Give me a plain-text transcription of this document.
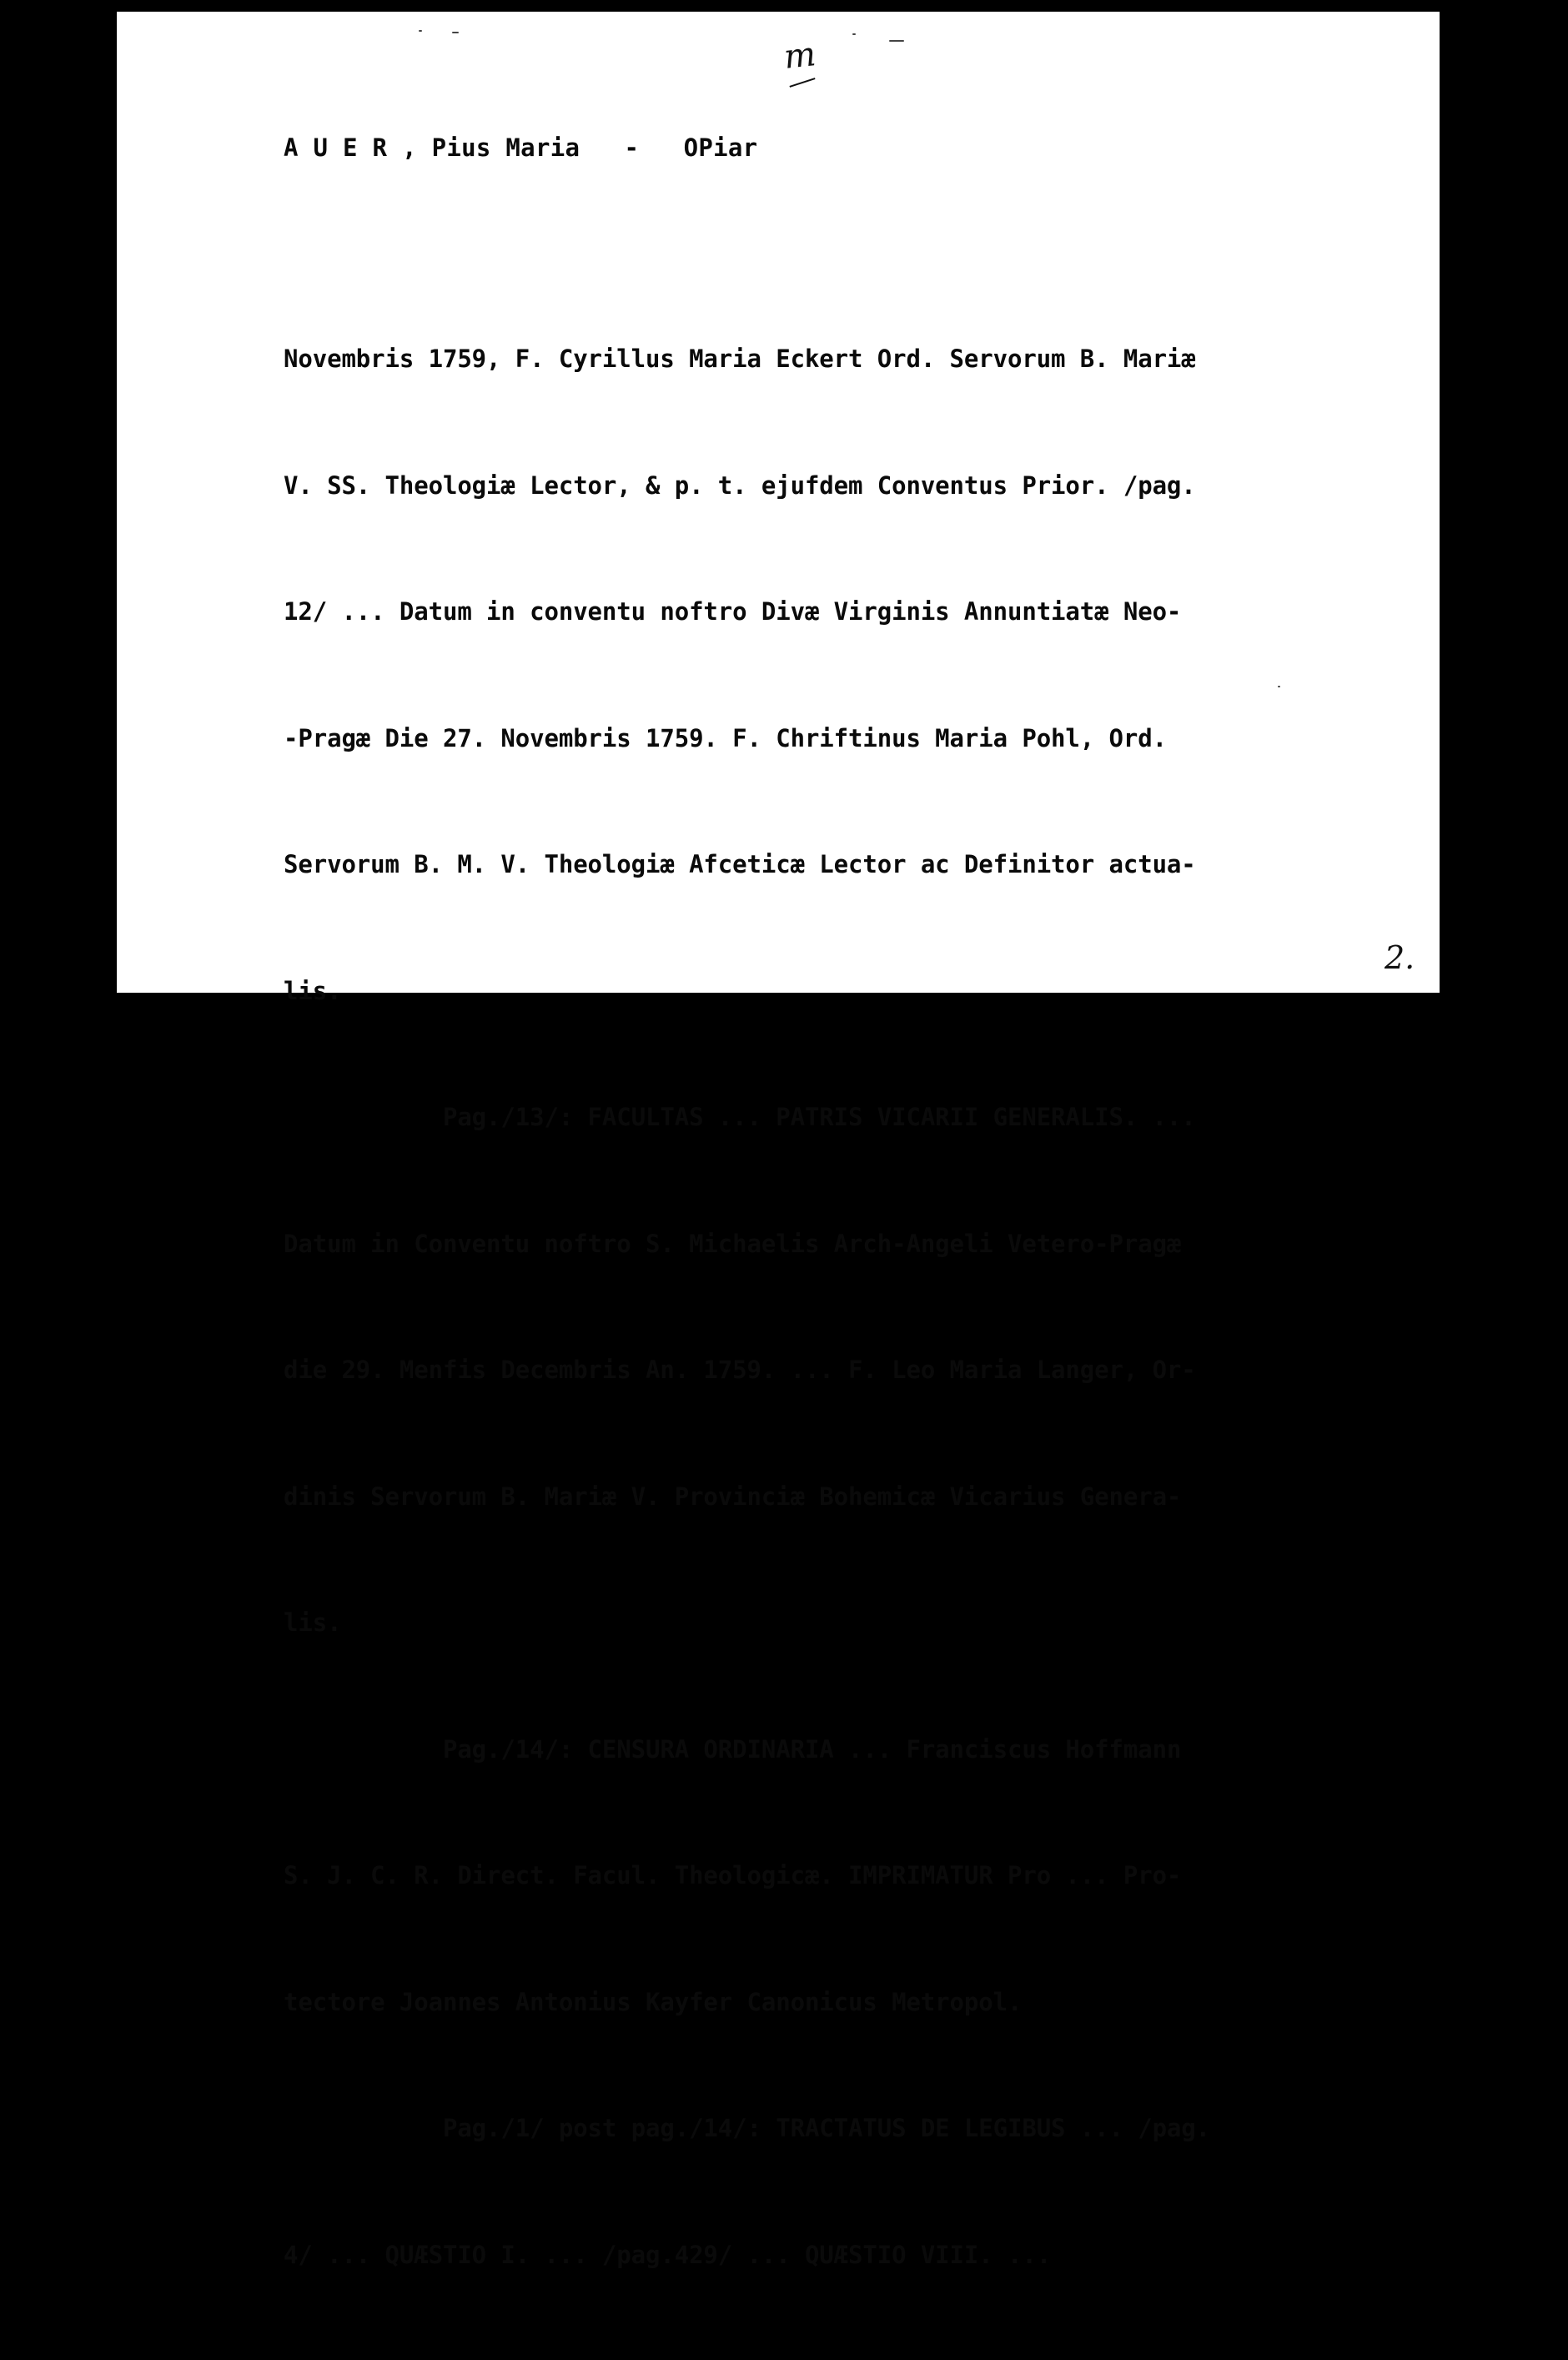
m
A U E R , Pius Maria - OPiar

Novembris 1759, F. Cyrillus Maria Eckert Ord. Servorum B. Mariæ

V. SS. Theologiæ Lector, & p. t. ejufdem Conventus Prior. /pag.

12/ ... Datum in conventu noftro Divæ Virginis Annuntiatæ Neo-

-Pragæ Die 27. Novembris 1759. F. Chriftinus Maria Pohl, Ord.

Servorum B. M. V. Theologiæ Afceticæ Lector ac Definitor actua-

lis.

Pag./13/: FACULTAS ... PATRIS VICARII GENERALIS. ...

Datum in Conventu noftro S. Michaelis Arch-Angeli Vetero-Pragæ

die 29. Menfis Decembris An. 1759. ... F. Leo Maria Langer, Or-

dinis Servorum B. Mariæ V. Provinciæ Bohemicæ Vicarius Genera-

lis.

Pag./14/: CENSURA ORDINARIA ... Franciscus Hoffmann

S. J. C. R. Direct. Facul. Theologicæ. IMPRIMATUR Pro ... Pro-

tectore Joannes Antonius Kayfer Canonicus Metropol.

Pag./1/ post pag./14/: TRACTATUS DE LEGIBUS ... /pag.

4/ ... QUÆSTIO I. ... /pag.429/ ... QUÆSTIO VIII. ...

2.
